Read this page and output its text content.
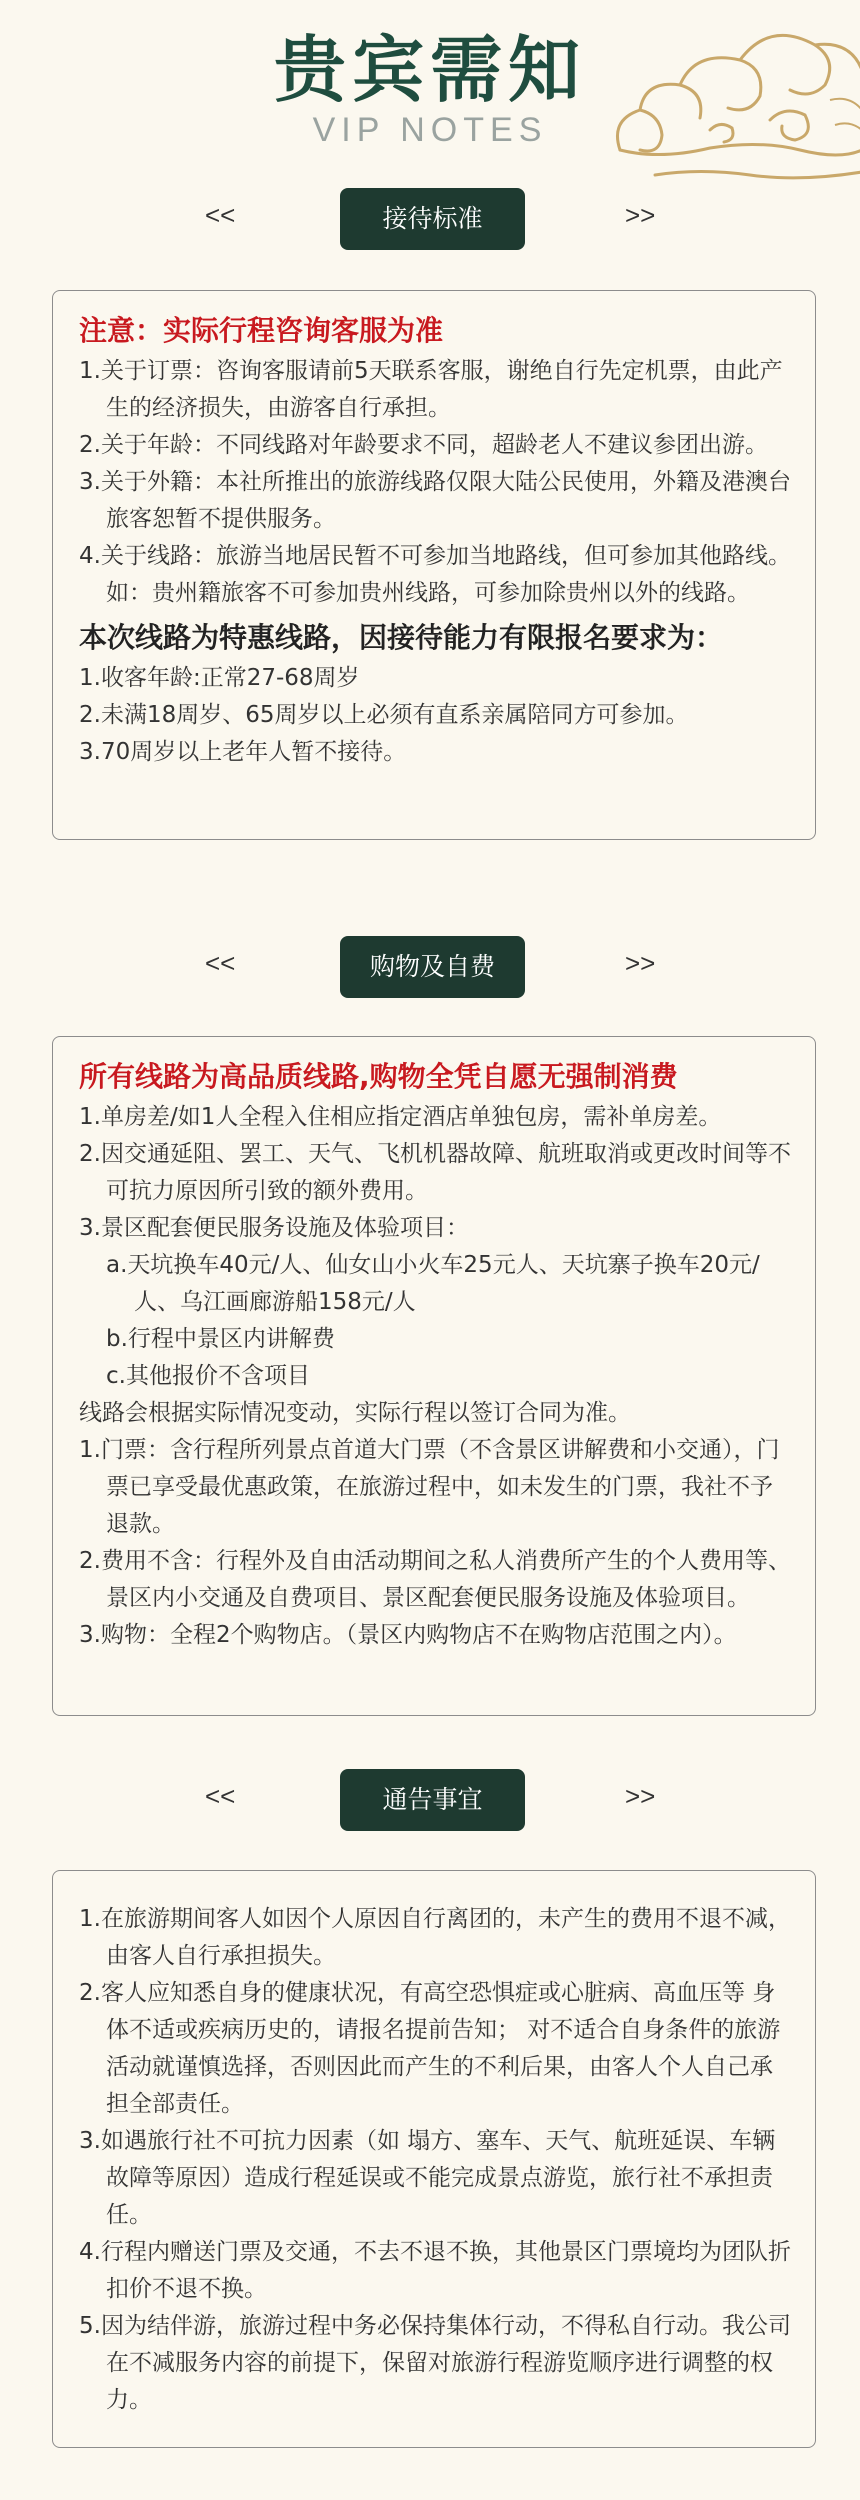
贵宾需知
VIP NOTES
<<	接待标准	>>
注意：实际行程咨询客服为准
1.关于订票：咨询客服请前5天联系客服，谢绝自行先定机票，由此产生的经济损失，由游客自行承担。
2.关于年龄：不同线路对年龄要求不同，超龄老人不建议参团出游。
3.关于外籍：本社所推出的旅游线路仅限大陆公民使用，外籍及港澳台旅客恕暂不提供服务。
4.关于线路：旅游当地居民暂不可参加当地路线，但可参加其他路线。如：贵州籍旅客不可参加贵州线路，可参加除贵州以外的线路。
本次线路为特惠线路，因接待能力有限报名要求为：
1.收客年龄:正常27-68周岁
2.未满18周岁、65周岁以上必须有直系亲属陪同方可参加。
3.70周岁以上老年人暂不接待。
<<	购物及自费	>>
所有线路为高品质线路,购物全凭自愿无强制消费
1.单房差/如1人全程入住相应指定酒店单独包房，需补单房差。
2.因交通延阻、罢工、天气、飞机机器故障、航班取消或更改时间等不可抗力原因所引致的额外费用。
3.景区配套便民服务设施及体验项目：
a.天坑换车40元/人、仙女山小火车25元人、天坑寨子换车20元/人、乌江画廊游船158元/人
b.行程中景区内讲解费
c.其他报价不含项目
线路会根据实际情况变动，实际行程以签订合同为准。
1.门票：含行程所列景点首道大门票（不含景区讲解费和小交通），门票已享受最优惠政策，在旅游过程中，如未发生的门票，我社不予退款。
2.费用不含：行程外及自由活动期间之私人消费所产生的个人费用等、景区内小交通及自费项目、景区配套便民服务设施及体验项目。
3.购物：全程2个购物店。（景区内购物店不在购物店范围之内）。
<<	通告事宜	>>
1.在旅游期间客人如因个人原因自行离团的，未产生的费用不退不减，由客人自行承担损失。
2.客人应知悉自身的健康状况，有高空恐惧症或心脏病、高血压等 身体不适或疾病历史的，请报名提前告知； 对不适合自身条件的旅游活动就谨慎选择，否则因此而产生的不利后果，由客人个人自己承担全部责任。
3.如遇旅行社不可抗力因素（如 塌方、塞车、天气、航班延误、车辆故障等原因）造成行程延误或不能完成景点游览，旅行社不承担责任。
4.行程内赠送门票及交通，不去不退不换，其他景区门票境均为团队折扣价不退不换。
5.因为结伴游，旅游过程中务必保持集体行动，不得私自行动。我公司在不减服务内容的前提下，保留对旅游行程游览顺序进行调整的权力。
